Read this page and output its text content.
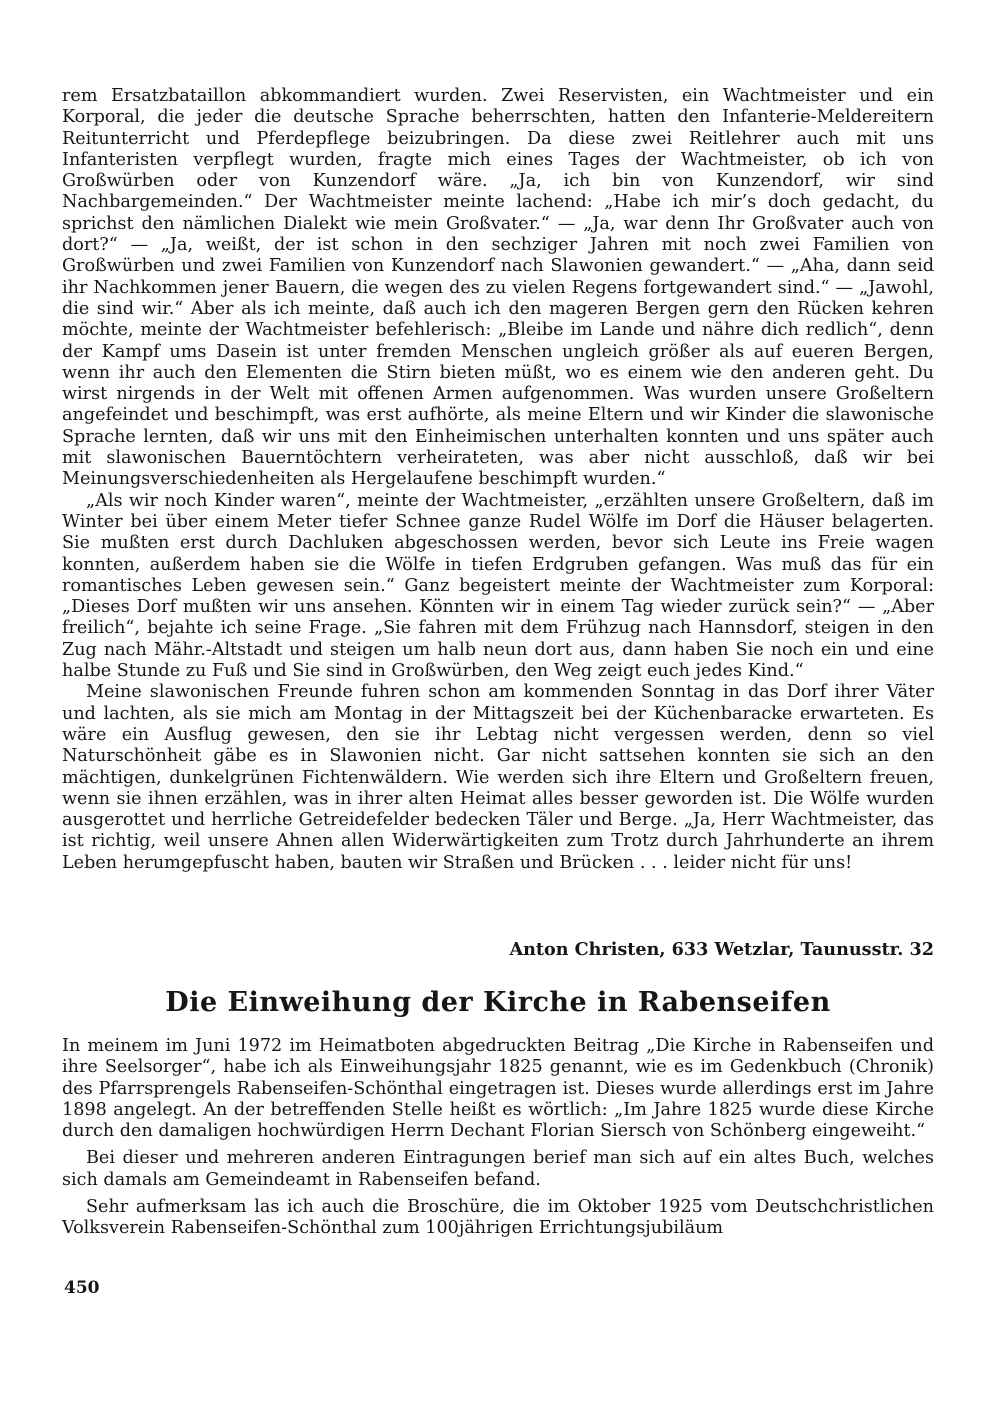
rem Ersatzbataillon abkommandiert wurden. Zwei Reservisten, ein Wachtmeister und ein Korporal, die jeder die deutsche Sprache beherrschten, hatten den Infanterie-Meldereitern Reitunterricht und Pferdepflege beizubringen. Da diese zwei Reitlehrer auch mit uns Infanteristen verpflegt wurden, fragte mich eines Tages der Wachtmeister, ob ich von Großwürben oder von Kunzendorf wäre. „Ja, ich bin von Kunzendorf, wir sind Nachbargemeinden.“ Der Wachtmeister meinte lachend: „Habe ich mir’s doch gedacht, du sprichst den nämlichen Dialekt wie mein Großvater.“ — „Ja, war denn Ihr Großvater auch von dort?“ — „Ja, weißt, der ist schon in den sechziger Jahren mit noch zwei Familien von Großwürben und zwei Familien von Kunzendorf nach Slawonien gewandert.“ — „Aha, dann seid ihr Nachkommen jener Bauern, die wegen des zu vielen Regens fortgewandert sind.“ — „Jawohl, die sind wir.“ Aber als ich meinte, daß auch ich den mageren Bergen gern den Rücken kehren möchte, meinte der Wachtmeister befehlerisch: „Bleibe im Lande und nähre dich redlich“, denn der Kampf ums Dasein ist unter fremden Menschen ungleich größer als auf eueren Bergen, wenn ihr auch den Elementen die Stirn bieten müßt, wo es einem wie den anderen geht. Du wirst nirgends in der Welt mit offenen Armen aufgenommen. Was wurden unsere Großeltern angefeindet und beschimpft, was erst aufhörte, als meine Eltern und wir Kinder die slawonische Sprache lernten, daß wir uns mit den Einheimischen unterhalten konnten und uns später auch mit slawonischen Bauerntöchtern verheirateten, was aber nicht ausschloß, daß wir bei Meinungsverschiedenheiten als Hergelaufene beschimpft wurden.“

„Als wir noch Kinder waren“, meinte der Wachtmeister, „erzählten unsere Großeltern, daß im Winter bei über einem Meter tiefer Schnee ganze Rudel Wölfe im Dorf die Häuser belagerten. Sie mußten erst durch Dachluken abgeschossen werden, bevor sich Leute ins Freie wagen konnten, außerdem haben sie die Wölfe in tiefen Erdgruben gefangen. Was muß das für ein romantisches Leben gewesen sein.“ Ganz begeistert meinte der Wachtmeister zum Korporal: „Dieses Dorf mußten wir uns ansehen. Könnten wir in einem Tag wieder zurück sein?“ — „Aber freilich“, bejahte ich seine Frage. „Sie fahren mit dem Frühzug nach Hannsdorf, steigen in den Zug nach Mähr.-Altstadt und steigen um halb neun dort aus, dann haben Sie noch ein und eine halbe Stunde zu Fuß und Sie sind in Großwürben, den Weg zeigt euch jedes Kind.“

Meine slawonischen Freunde fuhren schon am kommenden Sonntag in das Dorf ihrer Väter und lachten, als sie mich am Montag in der Mittagszeit bei der Küchenbaracke erwarteten. Es wäre ein Ausflug gewesen, den sie ihr Lebtag nicht vergessen werden, denn so viel Naturschönheit gäbe es in Slawonien nicht. Gar nicht sattsehen konnten sie sich an den mächtigen, dunkelgrünen Fichtenwäldern. Wie werden sich ihre Eltern und Großeltern freuen, wenn sie ihnen erzählen, was in ihrer alten Heimat alles besser geworden ist. Die Wölfe wurden ausgerottet und herrliche Getreidefelder bedecken Täler und Berge. „Ja, Herr Wachtmeister, das ist richtig, weil unsere Ahnen allen Widerwärtigkeiten zum Trotz durch Jahrhunderte an ihrem Leben herumgepfuscht haben, bauten wir Straßen und Brücken . . . leider nicht für uns!

Anton Christen, 633 Wetzlar, Taunusstr. 32
Die Einweihung der Kirche in Rabenseifen

In meinem im Juni 1972 im Heimatboten abgedruckten Beitrag „Die Kirche in Rabenseifen und ihre Seelsorger“, habe ich als Einweihungsjahr 1825 genannt, wie es im Gedenkbuch (Chronik) des Pfarrsprengels Rabenseifen-Schönthal eingetragen ist. Dieses wurde allerdings erst im Jahre 1898 angelegt. An der betreffenden Stelle heißt es wörtlich: „Im Jahre 1825 wurde diese Kirche durch den damaligen hochwürdigen Herrn Dechant Florian Siersch von Schönberg eingeweiht.“

Bei dieser und mehreren anderen Eintragungen berief man sich auf ein altes Buch, welches sich damals am Gemeindeamt in Rabenseifen befand.

Sehr aufmerksam las ich auch die Broschüre, die im Oktober 1925 vom Deutschchristlichen Volksverein Rabenseifen-Schönthal zum 100jährigen Errichtungsjubiläum

450
